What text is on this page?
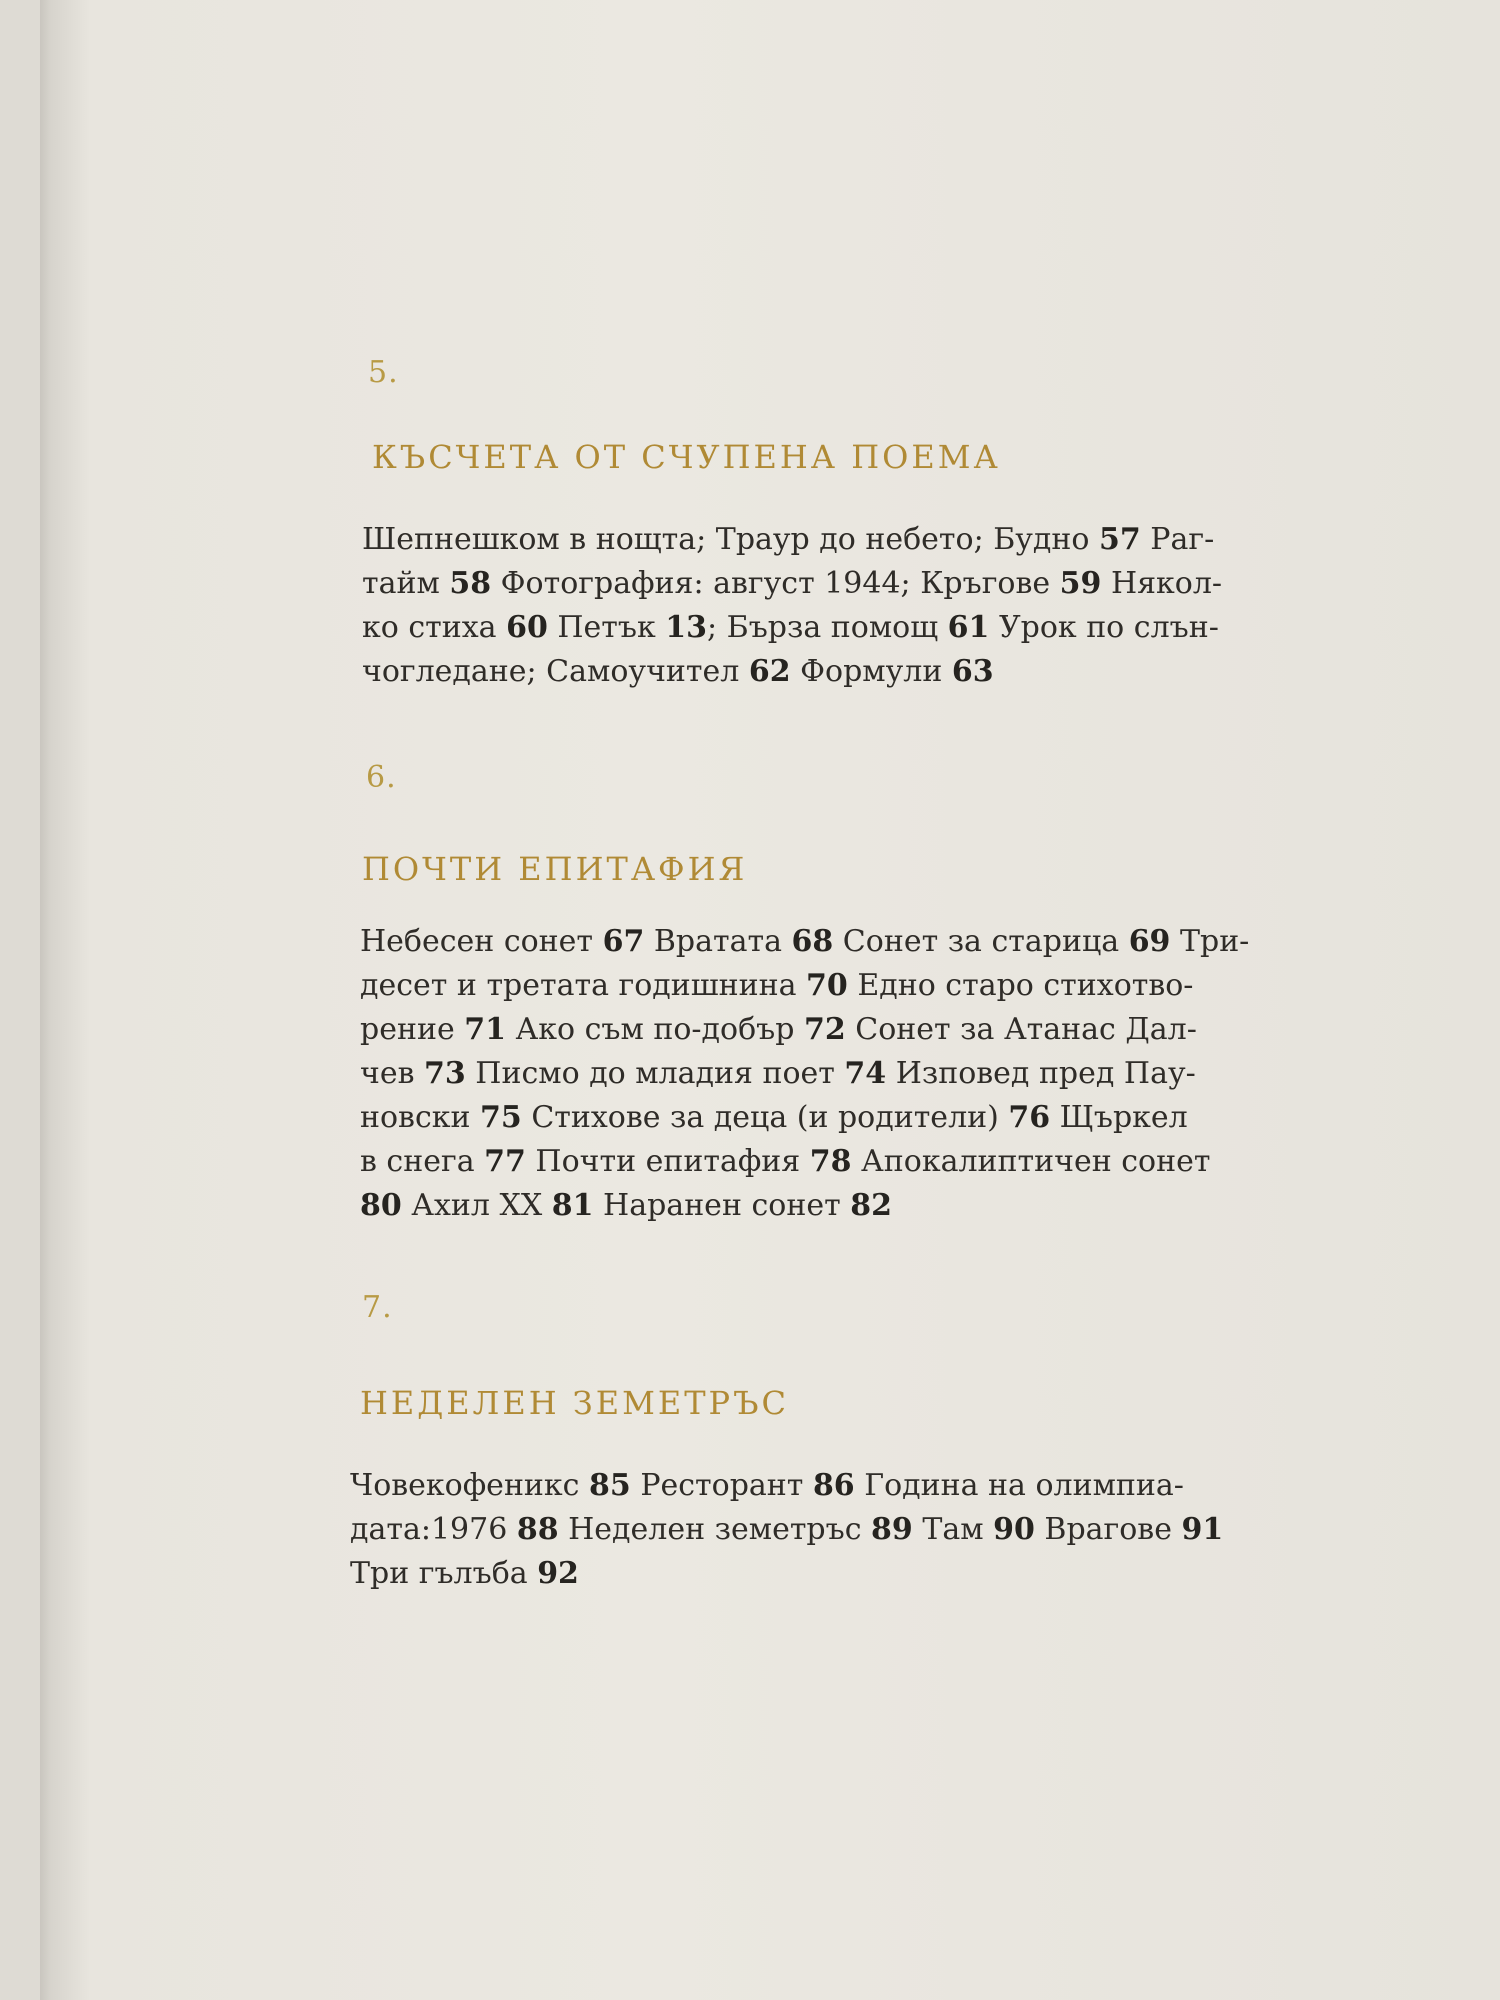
5.
КЪСЧЕТА ОТ СЧУПЕНА ПОЕМА
Шепнешком в нощта; Траур до небето; Будно 57 Раг-
тайм 58 Фотография: август 1944; Кръгове 59 Някол-
ко стиха 60 Петък 13; Бърза помощ 61 Урок по слън-
чогледане; Самоучител 62 Формули 63
6.
ПОЧТИ ЕПИТАФИЯ
Небесен сонет 67 Вратата 68 Сонет за старица 69 Три-
десет и третата годишнина 70 Едно старо стихотво-
рение 71 Ако съм по-добър 72 Сонет за Атанас Дал-
чев 73 Писмо до младия поет 74 Изповед пред Пау-
новски 75 Стихове за деца (и родители) 76 Щъркел
в снега 77 Почти епитафия 78 Апокалиптичен сонет
80 Ахил XX 81 Наранен сонет 82
7.
НЕДЕЛЕН ЗЕМЕТРЪС
Човекофеникс 85 Ресторант 86 Година на олимпиа-
дата:1976 88 Неделен земетръс 89 Там 90 Врагове 91
Три гълъба 92
